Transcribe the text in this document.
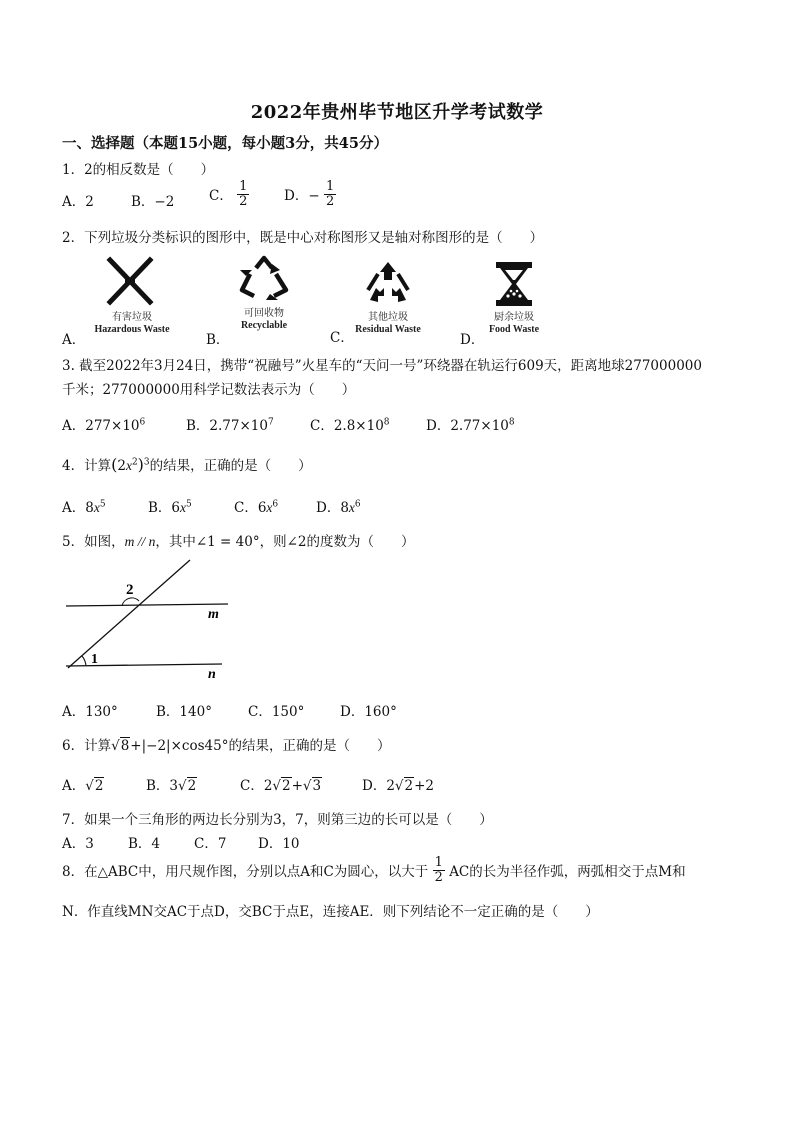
2022年贵州毕节地区升学考试数学
一、选择题（本题15小题，每小题3分，共45分）
1．2的相反数是（　　）
A．2	B．−2	C． $\frac{1}{2}$	D．− $\frac{1}{2}$
2．下列垃圾分类标识的图形中，既是中心对称图形又是轴对称图形的是（　　）
有害垃圾
Hazardous Waste
A．
可回收物
Recyclable
B．
其他垃圾
Residual Waste
C．
厨余垃圾
Food Waste
D．
3. 截至2022年3月24日，携带“祝融号”火星车的“天问一号”环绕器在轨运行609天，距离地球277000000
千米；277000000用科学记数法表示为（　　）
A．$277\times 10^6$	B．$2.77\times 10^7$	C．$2.8\times 10^8$	D．$2.77\times 10^8$
4．计算$(2x^2)^3$的结果，正确的是（　　）
A．$8x^5$	B．$6x^5$	C．$6x^6$	D．$8x^6$
5．如图，m // n，其中∠1 = 40°，则∠2的度数为（　　）
2
1
m
n
A．130°	B．140°	C．150°	D．160°
6．计算√8+|−2|×cos45°的结果，正确的是（　　）
A．√2	B．3√2	C．2√2+√3	D．2√2+2
7．如果一个三角形的两边长分别为3，7，则第三边的长可以是（　　）
A．3	B．4	C．7 D．10
8．在△ABC中，用尺规作图，分别以点A和C为圆心，以大于 $\frac{1}{2}$ AC的长为半径作弧，两弧相交于点M和
N．作直线MN交AC于点D，交BC于点E，连接AE．则下列结论不一定正确的是（　　）
